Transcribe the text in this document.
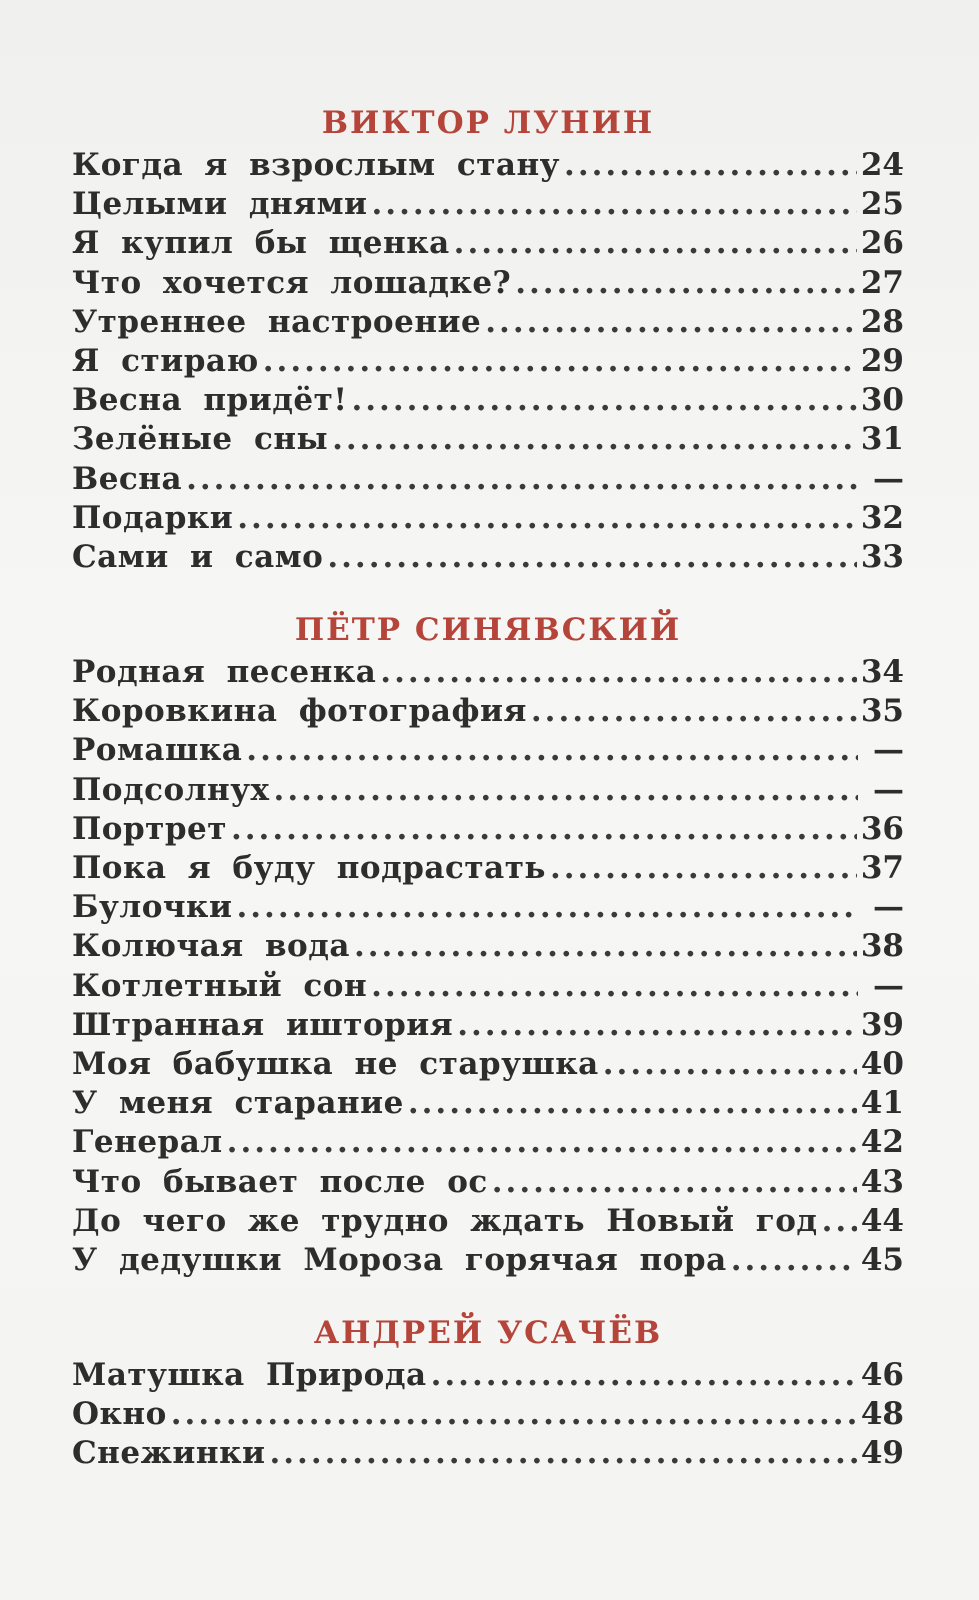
ВИКТОР ЛУНИН
Когда я взрослым стану .....	24
Целыми днями .....	25
Я купил бы щенка .....	26
Что хочется лошадке? .....	27
Утреннее настроение .....	28
Я стираю .....	29
Весна придёт! .....	30
Зелёные сны .....	31
Весна .....	—
Подарки .....	32
Сами и само .....	33
ПЁТР СИНЯВСКИЙ
Родная песенка .....	34
Коровкина фотография .....	35
Ромашка .....	—
Подсолнух .....	—
Портрет .....	36
Пока я буду подрастать .....	37
Булочки .....	—
Колючая вода .....	38
Котлетный сон .....	—
Штранная иштория .....	39
Моя бабушка не старушка .....	40
У меня старание .....	41
Генерал .....	42
Что бывает после ос .....	43
До чего же трудно ждать Новый год ..... 44
У дедушки Мороза горячая пора .....	45
АНДРЕЙ УСАЧЁВ
Матушка Природа .....	46
Окно .....	48
Снежинки .....	49
